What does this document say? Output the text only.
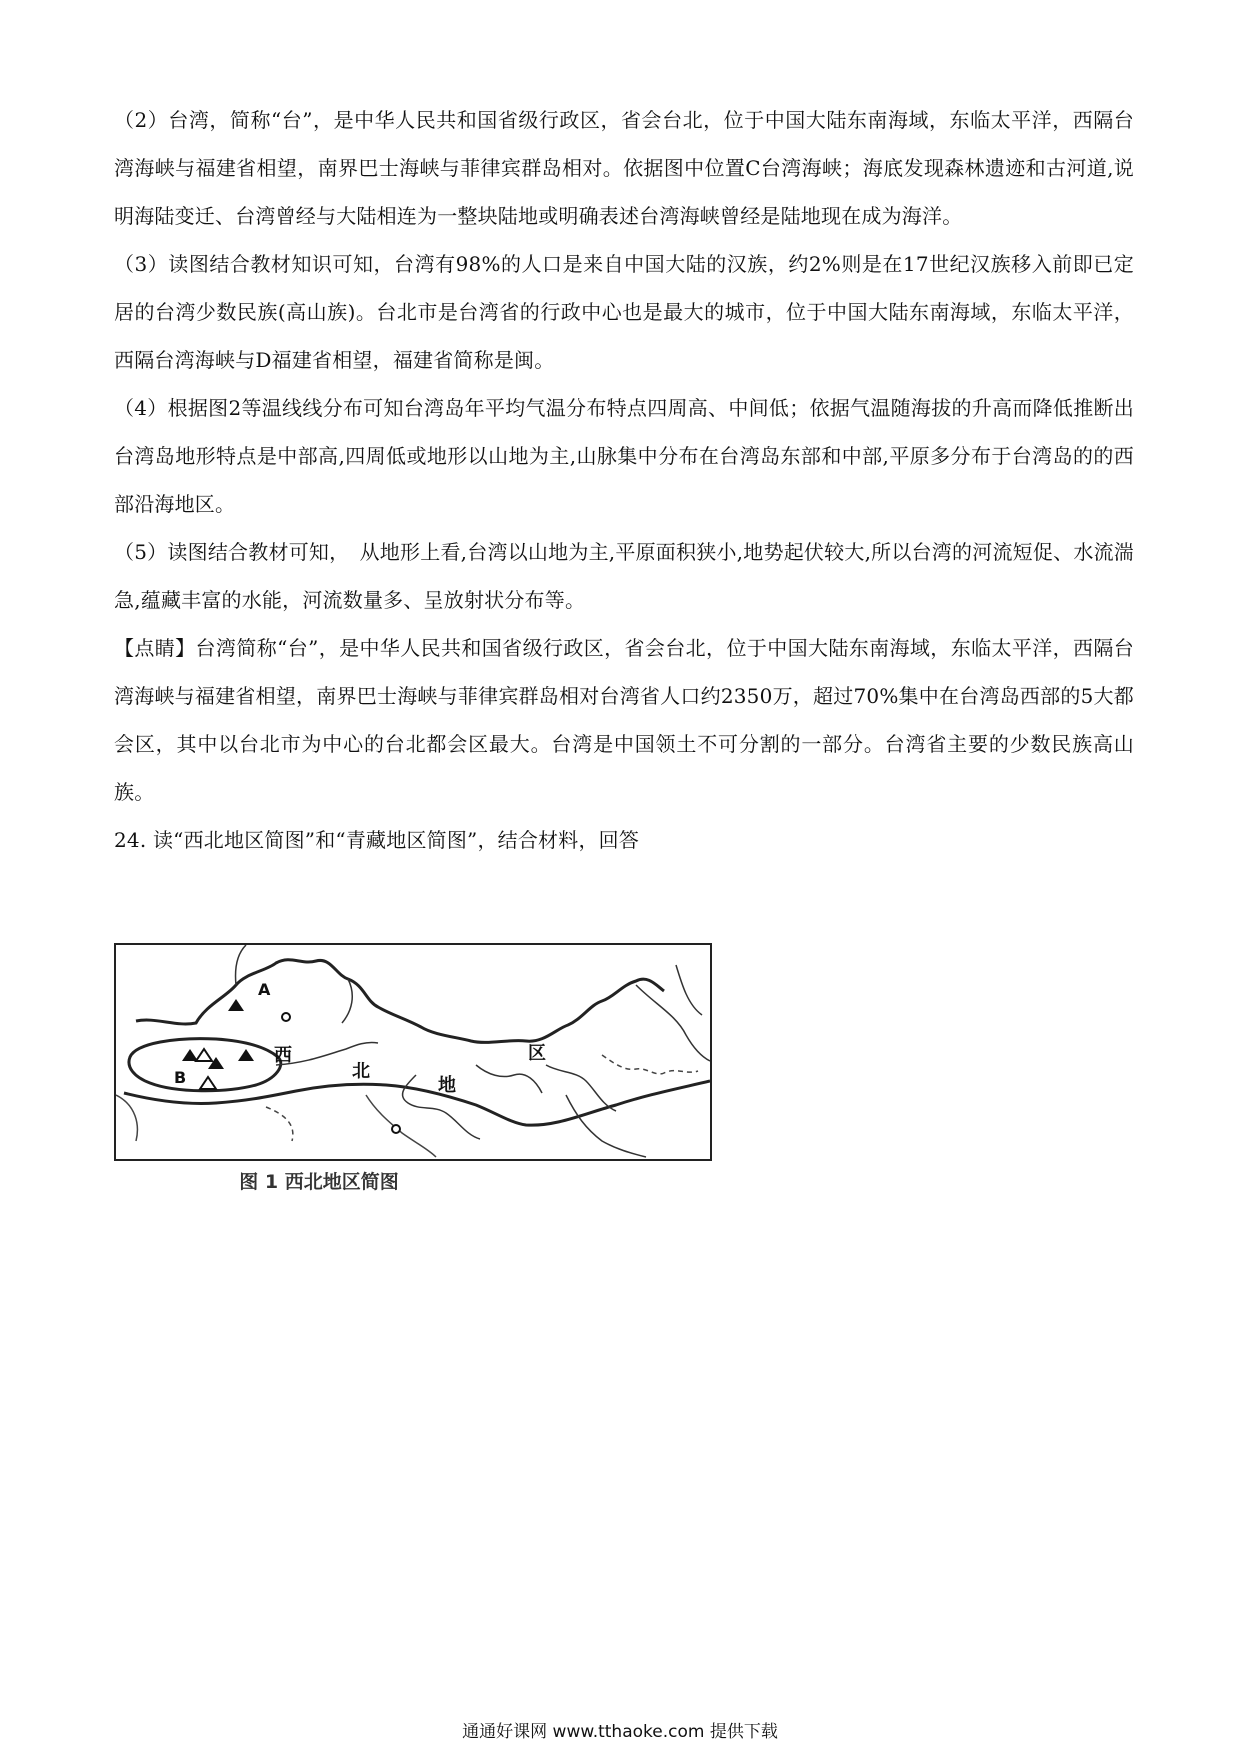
（2）台湾，简称“台”，是中华人民共和国省级行政区，省会台北，位于中国大陆东南海域，东临太平洋，西隔台湾海峡与福建省相望，南界巴士海峡与菲律宾群岛相对。依据图中位置C台湾海峡；海底发现森林遗迹和古河道,说明海陆变迁、台湾曾经与大陆相连为一整块陆地或明确表述台湾海峡曾经是陆地现在成为海洋。

（3）读图结合教材知识可知，台湾有98%的人口是来自中国大陆的汉族，约2%则是在17世纪汉族移入前即已定居的台湾少数民族(高山族)。台北市是台湾省的行政中心也是最大的城市，位于中国大陆东南海域，东临太平洋，西隔台湾海峡与D福建省相望，福建省简称是闽。

（4）根据图2等温线线分布可知台湾岛年平均气温分布特点四周高、中间低；依据气温随海拔的升高而降低推断出台湾岛地形特点是中部高,四周低或地形以山地为主,山脉集中分布在台湾岛东部和中部,平原多分布于台湾岛的的西部沿海地区。

（5）读图结合教材可知，　从地形上看,台湾以山地为主,平原面积狭小,地势起伏较大,所以台湾的河流短促、水流湍急,蕴藏丰富的水能，河流数量多、呈放射状分布等。

【点睛】台湾简称“台”，是中华人民共和国省级行政区，省会台北，位于中国大陆东南海域，东临太平洋，西隔台湾海峡与福建省相望，南界巴士海峡与菲律宾群岛相对台湾省人口约2350万，超过70%集中在台湾岛西部的5大都会区，其中以台北市为中心的台北都会区最大。台湾是中国领土不可分割的一部分。台湾省主要的少数民族高山族。

24. 读“西北地区简图”和“青藏地区简图”，结合材料，回答

A
B
西
北
地
区
图 1 西北地区简图
通通好课网 www.tthaoke.com 提供下载
